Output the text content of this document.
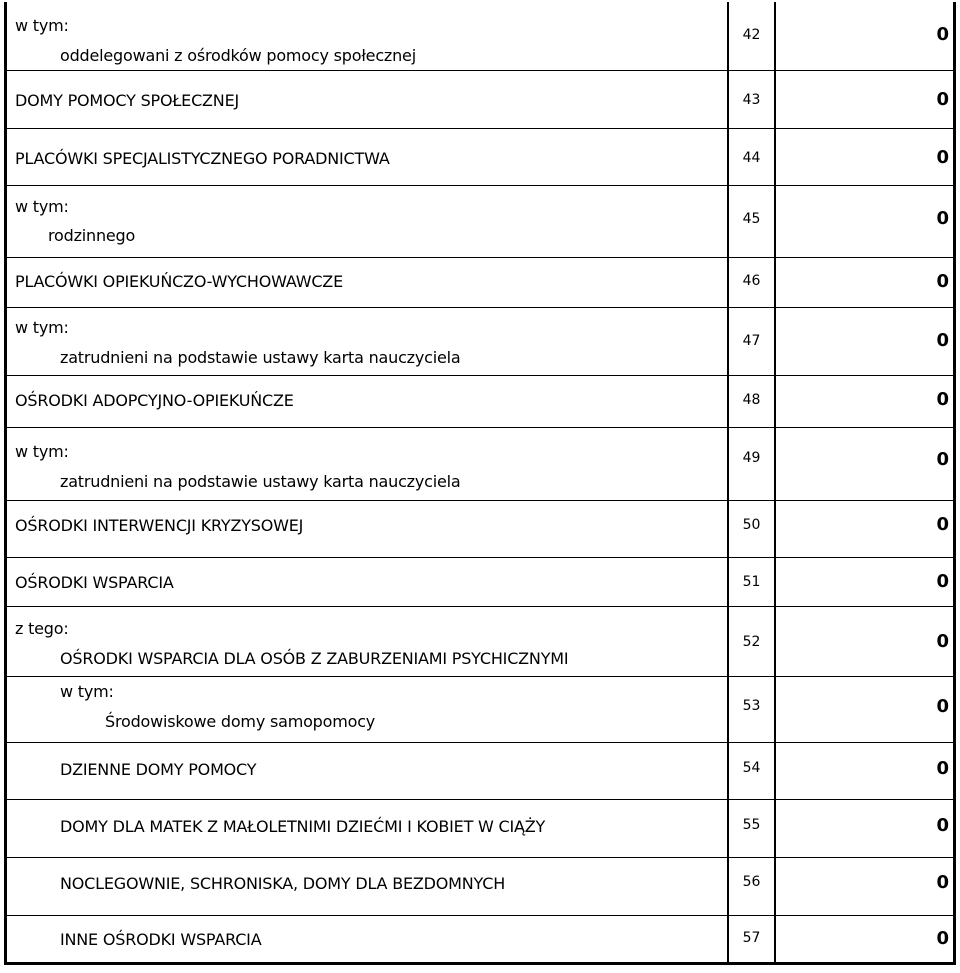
w tym:
oddelegowani z ośrodków pomocy społecznej
42	0
DOMY POMOCY SPOŁECZNEJ	43	0
PLACÓWKI SPECJALISTYCZNEGO PORADNICTWA	44	0
w tym:
rodzinnego
45	0
PLACÓWKI OPIEKUŃCZO-WYCHOWAWCZE	46	0
w tym:
zatrudnieni na podstawie ustawy karta nauczyciela
47	0
OŚRODKI ADOPCYJNO-OPIEKUŃCZE	48	0
w tym:
zatrudnieni na podstawie ustawy karta nauczyciela
49	0
OŚRODKI INTERWENCJI KRYZYSOWEJ	50	0
OŚRODKI WSPARCIA	51	0
z tego:
OŚRODKI WSPARCIA DLA OSÓB Z ZABURZENIAMI PSYCHICZNYMI
52	0
w tym:
Środowiskowe domy samopomocy
53	0
DZIENNE DOMY POMOCY	54	0
DOMY DLA MATEK Z MAŁOLETNIMI DZIEĆMI I KOBIET W CIĄŻY	55	0
NOCLEGOWNIE, SCHRONISKA, DOMY DLA BEZDOMNYCH	56	0
INNE OŚRODKI WSPARCIA	57	0
